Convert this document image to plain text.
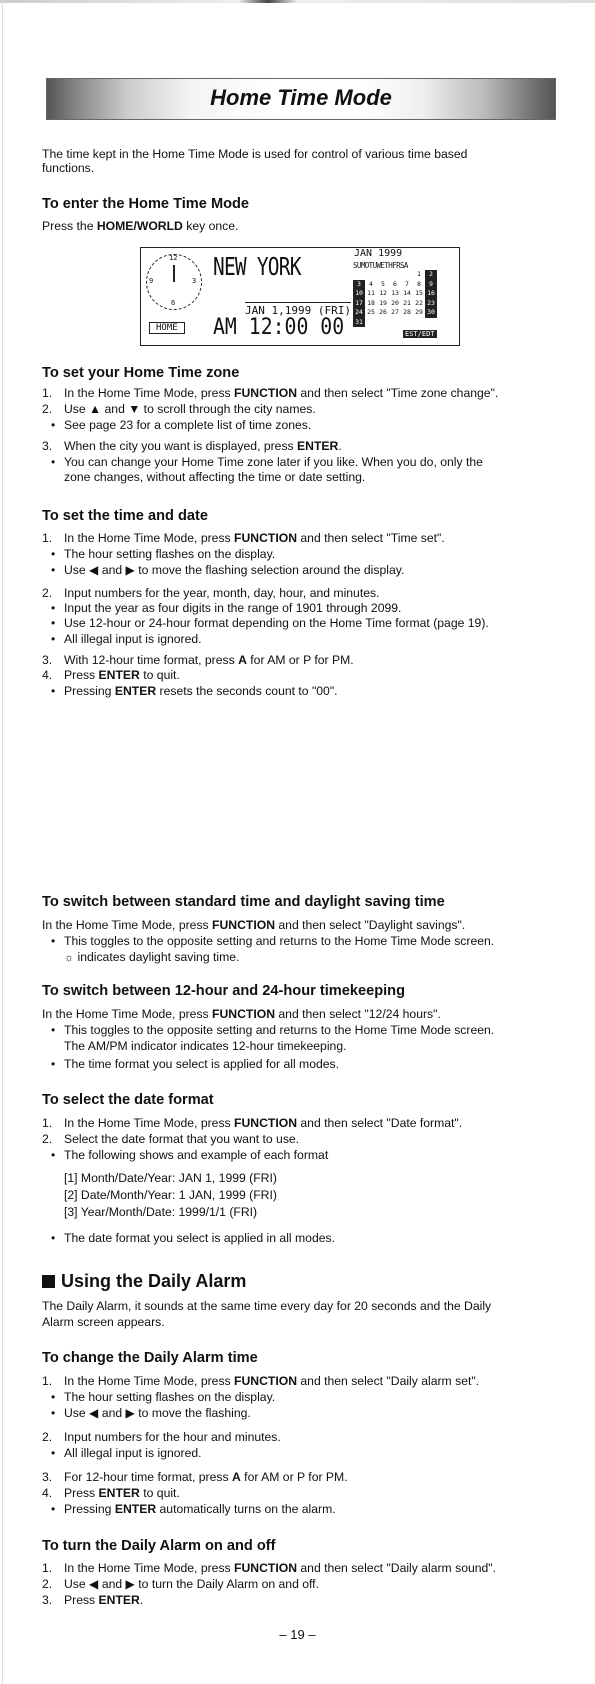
Home Time Mode
The time kept in the Home Time Mode is used for control of various time based
functions.
To enter the Home Time Mode
Press the HOME/WORLD key once.
12
3
6
9 NEW YORK
JAN 1,1999 (FRI)
HOME	AM 12:00 00
JAN 1999
SUMOTUWETHFRSA
1 2
3 4 5 6 7 8 9
10 11 12 13 14 15 16
17 18 19 20 21 22 23
24 25 26 27 28 29 30
31
EST/EDT
To set your Home Time zone
1. In the Home Time Mode, press FUNCTION and then select "Time zone change".
2. Use ▲ and ▼ to scroll through the city names.
• See page 23 for a complete list of time zones.
3. When the city you want is displayed, press ENTER.
• You can change your Home Time zone later if you like. When you do, only the
zone changes, without affecting the time or date setting.
To set the time and date
1. In the Home Time Mode, press FUNCTION and then select "Time set".
• The hour setting flashes on the display.
• Use ◀ and ▶ to move the flashing selection around the display.
2. Input numbers for the year, month, day, hour, and minutes.
• Input the year as four digits in the range of 1901 through 2099.
• Use 12-hour or 24-hour format depending on the Home Time format (page 19).
• All illegal input is ignored.
3. With 12-hour time format, press A for AM or P for PM.
4. Press ENTER to quit.
• Pressing ENTER resets the seconds count to "00".
To switch between standard time and daylight saving time
In the Home Time Mode, press FUNCTION and then select "Daylight savings".
• This toggles to the opposite setting and returns to the Home Time Mode screen.
☼ indicates daylight saving time.
To switch between 12-hour and 24-hour timekeeping
In the Home Time Mode, press FUNCTION and then select "12/24 hours".
• This toggles to the opposite setting and returns to the Home Time Mode screen.
The AM/PM indicator indicates 12-hour timekeeping.
• The time format you select is applied for all modes.
To select the date format
1. In the Home Time Mode, press FUNCTION and then select "Date format".
2. Select the date format that you want to use.
• The following shows and example of each format
[1] Month/Date/Year: JAN 1, 1999 (FRI)
[2] Date/Month/Year: 1 JAN, 1999 (FRI)
[3] Year/Month/Date: 1999/1/1 (FRI)
• The date format you select is applied in all modes.
Using the Daily Alarm
The Daily Alarm, it sounds at the same time every day for 20 seconds and the Daily
Alarm screen appears.
To change the Daily Alarm time
1. In the Home Time Mode, press FUNCTION and then select "Daily alarm set".
• The hour setting flashes on the display.
• Use ◀ and ▶ to move the flashing.
2. Input numbers for the hour and minutes.
• All illegal input is ignored.
3. For 12-hour time format, press A for AM or P for PM.
4. Press ENTER to quit.
• Pressing ENTER automatically turns on the alarm.
To turn the Daily Alarm on and off
1. In the Home Time Mode, press FUNCTION and then select "Daily alarm sound".
2. Use ◀ and ▶ to turn the Daily Alarm on and off.
3. Press ENTER.
– 19 –
